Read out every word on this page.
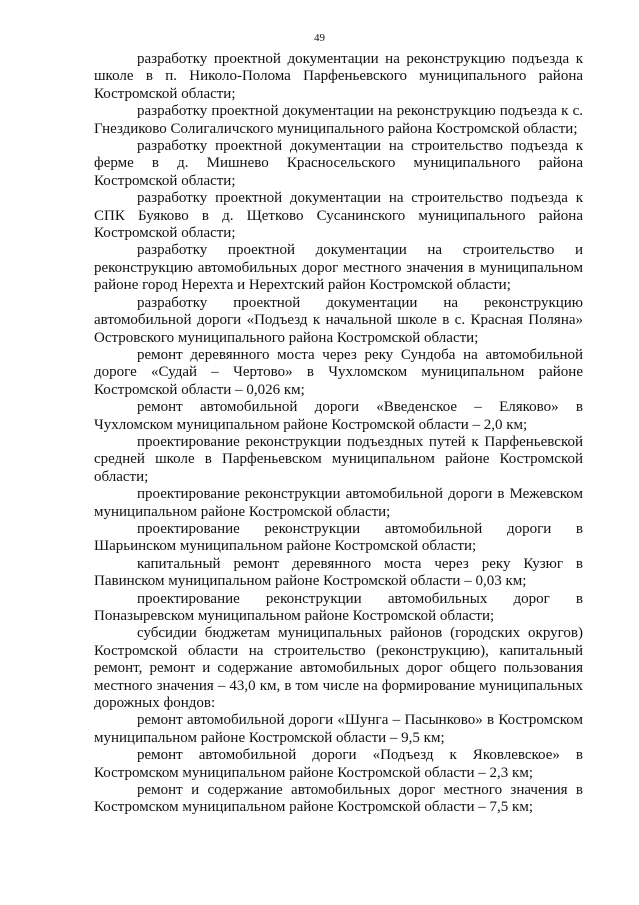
49

разработку проектной документации на реконструкцию подъезда к школе в п. Николо-Полома Парфеньевского муниципального района Костромской области;

разработку проектной документации на реконструкцию подъезда к с. Гнездиково Солигаличского муниципального района Костромской области;

разработку проектной документации на строительство подъезда к ферме в д. Мишнево Красносельского муниципального района Костромской области;

разработку проектной документации на строительство подъезда к СПК Буяково в д. Щетково Сусанинского муниципального района Костромской области;

разработку проектной документации на строительство и реконструкцию автомобильных дорог местного значения в муниципальном районе город Нерехта и Нерехтский район Костромской области;

разработку проектной документации на реконструкцию автомобильной дороги «Подъезд к начальной школе в с. Красная Поляна» Островского муниципального района Костромской области;

ремонт деревянного моста через реку Сундоба на автомобильной дороге «Судай – Чертово» в Чухломском муниципальном районе Костромской области – 0,026 км;

ремонт автомобильной дороги «Введенское – Еляково» в Чухломском муниципальном районе Костромской области – 2,0 км;

проектирование реконструкции подъездных путей к Парфеньевской средней школе в Парфеньевском муниципальном районе Костромской области;

проектирование реконструкции автомобильной дороги в Межевском муниципальном районе Костромской области;

проектирование реконструкции автомобильной дороги в Шарьинском муниципальном районе Костромской области;

капитальный ремонт деревянного моста через реку Кузюг в Павинском муниципальном районе Костромской области – 0,03 км;

проектирование реконструкции автомобильных дорог в Поназыревском муниципальном районе Костромской области;

субсидии бюджетам муниципальных районов (городских округов) Костромской области на строительство (реконструкцию), капитальный ремонт, ремонт и содержание автомобильных дорог общего пользования местного значения – 43,0 км, в том числе на формирование муниципальных дорожных фондов:

ремонт автомобильной дороги «Шунга – Пасынково» в Костромском муниципальном районе Костромской области – 9,5 км;

ремонт автомобильной дороги «Подъезд к Яковлевское» в Костромском муниципальном районе Костромской области – 2,3 км;

ремонт и содержание автомобильных дорог местного значения в Костромском муниципальном районе Костромской области – 7,5 км;
